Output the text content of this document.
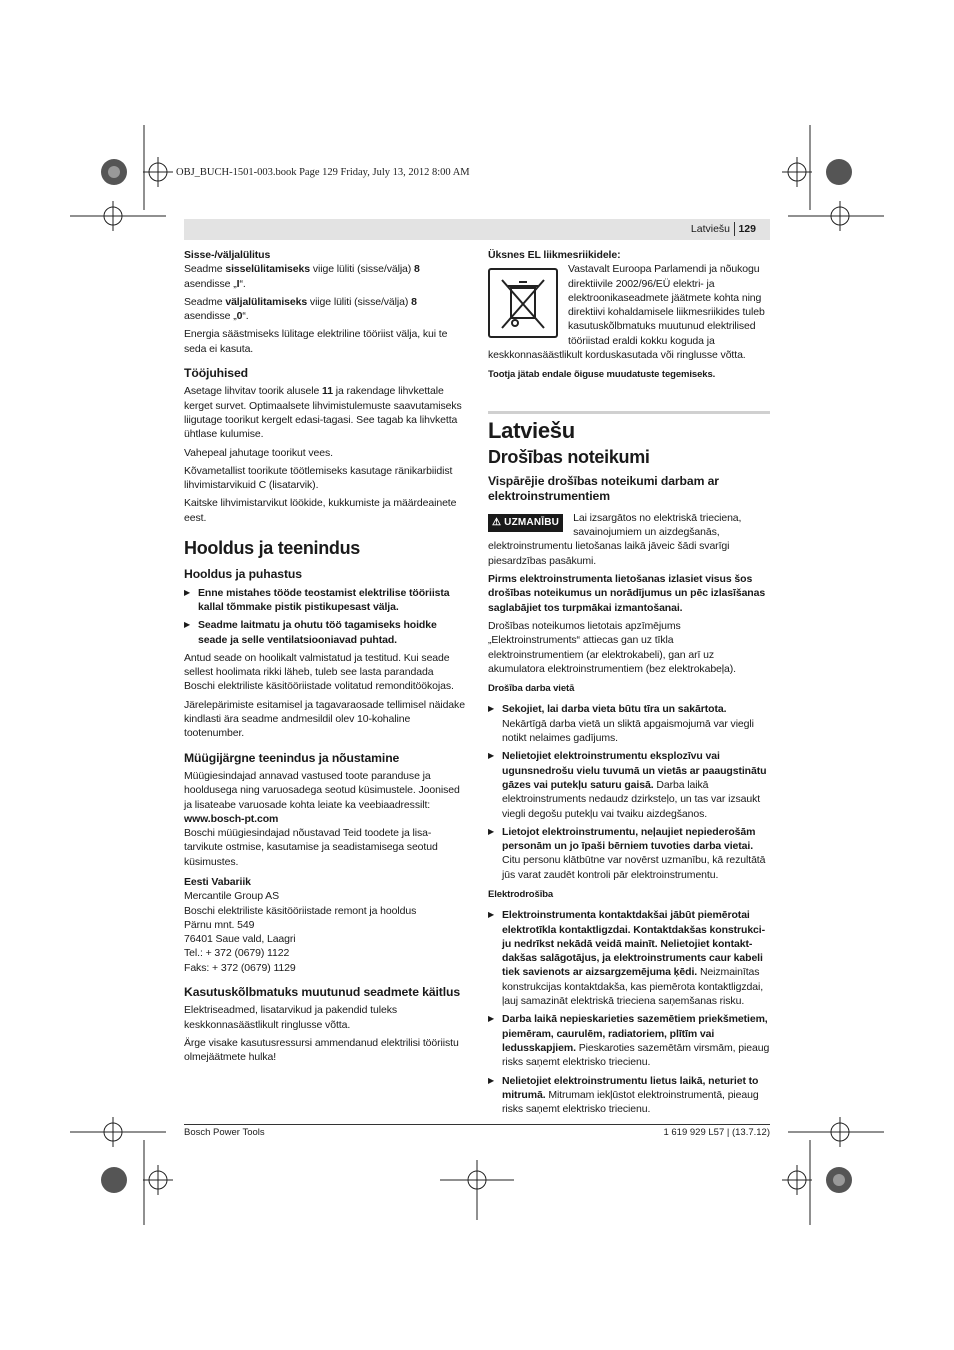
OBJ_BUCH-1501-003.book Page 129 Friday, July 13, 2012 8:00 AM
Latviešu 129

Sisse-/väljalülitus

Seadme sisselülitamiseks viige lüliti (sisse/välja) 8 asendisse „I“.

Seadme väljalülitamiseks viige lüliti (sisse/välja) 8 asendisse „0“.

Energia säästmiseks lülitage elektriline tööriist välja, kui te seda ei kasuta.

Tööjuhised

Asetage lihvitav toorik alusele 11 ja rakendage lihvkettale kerget survet. Optimaalsete lihvimistulemuste saavutamiseks liigutage toorikut kergelt edasi-tagasi. See tagab ka lihvketta ühtlase kulumise.

Vahepeal jahutage toorikut vees.

Kõvametallist toorikute töötlemiseks kasutage ränikarbiidist lihvimistarvikuid C (lisatarvik).

Kaitske lihvimistarvikut löökide, kukkumiste ja määrdeainete eest.

Hooldus ja teenindus
Hooldus ja puhastus

▶ Enne mistahes tööde teostamist elektrilise tööriista kallal tõmmake pistik pistikupesast välja.

▶ Seadme laitmatu ja ohutu töö tagamiseks hoidke seade ja selle ventilatsiooniavad puhtad.

Antud seade on hoolikalt valmistatud ja testitud. Kui seade sellest hoolimata rikki läheb, tuleb see lasta parandada Boschi elektriliste käsitööriistade volitatud remonditöökojas.

Järelepärimiste esitamisel ja tagavaraosade tellimisel näidake kindlasti ära seadme andmesildil olev 10-kohaline tootenumber.

Müügijärgne teenindus ja nõustamine

Müügiesindajad annavad vastused toote paranduse ja hooldusega ning varuosadega seotud küsimustele. Joonised ja lisateabe varuosade kohta leiate ka veebiaadressilt:

www.bosch-pt.com

Boschi müügiesindajad nõustavad Teid toodete ja lisatarvikute ostmise, kasutamise ja seadistamisega seotud küsimustes.

Eesti Vabariik

Mercantile Group AS
Boschi elektriliste käsitööriistade remont ja hooldus
Pärnu mnt. 549
76401 Saue vald, Laagri
Tel.: + 372 (0679) 1122
Faks: + 372 (0679) 1129
Kasutuskõlbmatuks muutunud seadmete käitlus

Elektriseadmed, lisatarvikud ja pakendid tuleks keskkonnasäästlikult ringlusse võtta.

Ärge visake kasutusressursi ammendanud elektrilisi tööriistu olmejäätmete hulka!

Üksnes EL liikmesriikidele:

Vastavalt Euroopa Parlamendi ja nõukogu direktiivile 2002/96/EÜ elektri- ja elektroonikaseadmete jäätmete kohta ning direktiivi kohaldamisele liikmesriikides tuleb kasutuskõlbmatuks muutunud elektrilised tööriistad eraldi kokku koguda ja keskkonnasäästlikult korduskasutada või ringlusse võtta.

Tootja jätab endale õiguse muudatuste tegemiseks.

Latviešu
Drošības noteikumi
Vispārējie drošības noteikumi darbam ar elektroinstrumentiem
⚠ UZMANĪBU	Lai izsargātos no elektriskā trieciena, savainojumiem un aizdegšanās, elektroinstrumentu lietošanas laikā jāveic šādi svarīgi piesardzības pasākumi.

Pirms elektroinstrumenta lietošanas izlasiet visus šos drošības noteikumus un norādījumus un pēc izlasīšanas saglabājiet tos turpmākai izmantošanai.

Drošības noteikumos lietotais apzīmējums „Elektroinstruments“ attiecas gan uz tīkla elektroinstrumentiem (ar elektrokabeli), gan arī uz akumulatora elektroinstrumentiem (bez elektrokabeļa).

Drošība darba vietā

▶ Sekojiet, lai darba vieta būtu tīra un sakārtota. Nekārtīgā darba vietā un sliktā apgaismojumā var viegli notikt nelaimes gadījums.

▶ Nelietojiet elektroinstrumentu eksplozīvu vai ugunsnedrošu vielu tuvumā un vietās ar paaugstinātu gāzes vai putekļu saturu gaisā. Darba laikā elektroinstruments nedaudz dzirksteļo, un tas var izsaukt viegli degošu putekļu vai tvaiku aizdegšanos.

▶ Lietojot elektroinstrumentu, neļaujiet nepiederošām personām un jo īpaši bērniem tuvoties darba vietai. Citu personu klātbūtne var novērst uzmanību, kā rezultātā jūs varat zaudēt kontroli pār elektroinstrumentu.

Elektrodrošība

▶ Elektroinstrumenta kontaktdakšai jābūt piemērotai elektrotīkla kontaktligzdai. Kontaktdakšas konstrukciju nedrīkst nekādā veidā mainīt. Nelietojiet kontaktdakšas salāgotājus, ja elektroinstruments caur kabeli tiek savienots ar aizsargzemējuma ķēdi. Neizmainītas konstrukcijas kontaktdakša, kas piemērota kontaktligzdai, ļauj samazināt elektriskā trieciena saņemšanas risku.

▶ Darba laikā nepieskarieties sazemētiem priekšmetiem, piemēram, caurulēm, radiatoriem, plītīm vai ledusskapjiem. Pieskaroties sazemētām virsmām, pieaug risks saņemt elektrisko triecienu.

▶ Nelietojiet elektroinstrumentu lietus laikā, neturiet to mitrumā. Mitrumam iekļūstot elektroinstrumentā, pieaug risks saņemt elektrisko triecienu.

Bosch Power Tools	1 619 929 L57 | (13.7.12)
